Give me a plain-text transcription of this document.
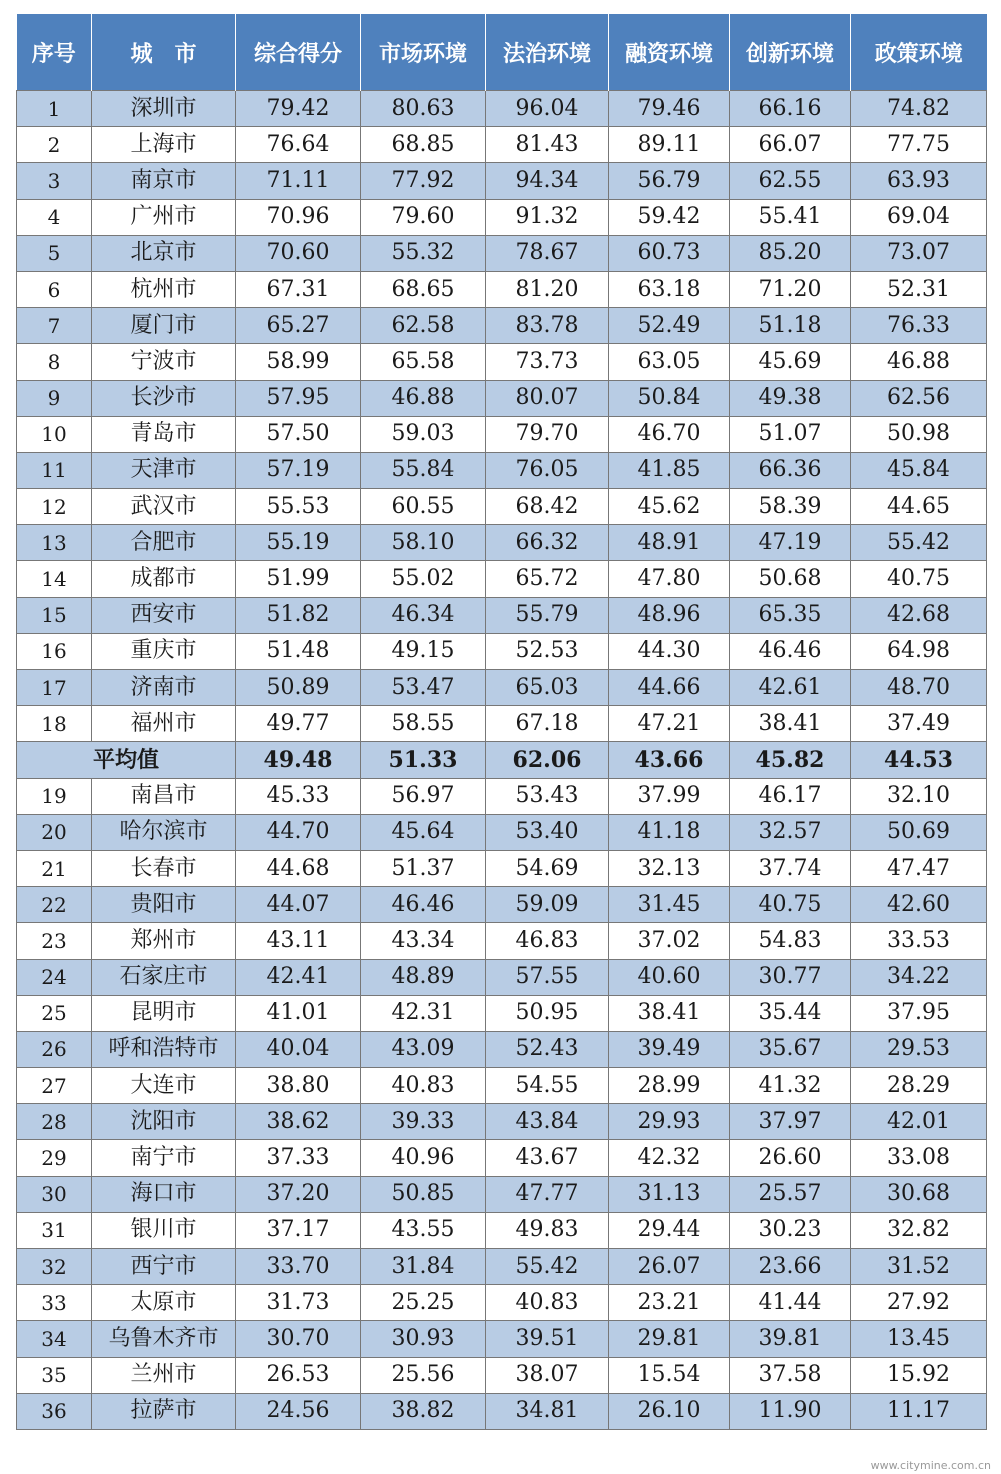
序号	城　市	综合得分	市场环境	法治环境	融资环境	创新环境	政策环境
1	深圳市	79.42	80.63	96.04	79.46	66.16	74.82
2	上海市	76.64	68.85	81.43	89.11	66.07	77.75
3	南京市	71.11	77.92	94.34	56.79	62.55	63.93
4	广州市	70.96	79.60	91.32	59.42	55.41	69.04
5	北京市	70.60	55.32	78.67	60.73	85.20	73.07
6	杭州市	67.31	68.65	81.20	63.18	71.20	52.31
7	厦门市	65.27	62.58	83.78	52.49	51.18	76.33
8	宁波市	58.99	65.58	73.73	63.05	45.69	46.88
9	长沙市	57.95	46.88	80.07	50.84	49.38	62.56
10	青岛市	57.50	59.03	79.70	46.70	51.07	50.98
11	天津市	57.19	55.84	76.05	41.85	66.36	45.84
12	武汉市	55.53	60.55	68.42	45.62	58.39	44.65
13	合肥市	55.19	58.10	66.32	48.91	47.19	55.42
14	成都市	51.99	55.02	65.72	47.80	50.68	40.75
15	西安市	51.82	46.34	55.79	48.96	65.35	42.68
16	重庆市	51.48	49.15	52.53	44.30	46.46	64.98
17	济南市	50.89	53.47	65.03	44.66	42.61	48.70
18	福州市	49.77	58.55	67.18	47.21	38.41	37.49
平均值		49.48	51.33	62.06	43.66	45.82	44.53
19	南昌市	45.33	56.97	53.43	37.99	46.17	32.10
20	哈尔滨市	44.70	45.64	53.40	41.18	32.57	50.69
21	长春市	44.68	51.37	54.69	32.13	37.74	47.47
22	贵阳市	44.07	46.46	59.09	31.45	40.75	42.60
23	郑州市	43.11	43.34	46.83	37.02	54.83	33.53
24	石家庄市	42.41	48.89	57.55	40.60	30.77	34.22
25	昆明市	41.01	42.31	50.95	38.41	35.44	37.95
26	呼和浩特市	40.04	43.09	52.43	39.49	35.67	29.53
27	大连市	38.80	40.83	54.55	28.99	41.32	28.29
28	沈阳市	38.62	39.33	43.84	29.93	37.97	42.01
29	南宁市	37.33	40.96	43.67	42.32	26.60	33.08
30	海口市	37.20	50.85	47.77	31.13	25.57	30.68
31	银川市	37.17	43.55	49.83	29.44	30.23	32.82
32	西宁市	33.70	31.84	55.42	26.07	23.66	31.52
33	太原市	31.73	25.25	40.83	23.21	41.44	27.92
34	乌鲁木齐市	30.70	30.93	39.51	29.81	39.81	13.45
35	兰州市	26.53	25.56	38.07	15.54	37.58	15.92
36	拉萨市	24.56	38.82	34.81	26.10	11.90	11.17
www.citymine.com.cn
